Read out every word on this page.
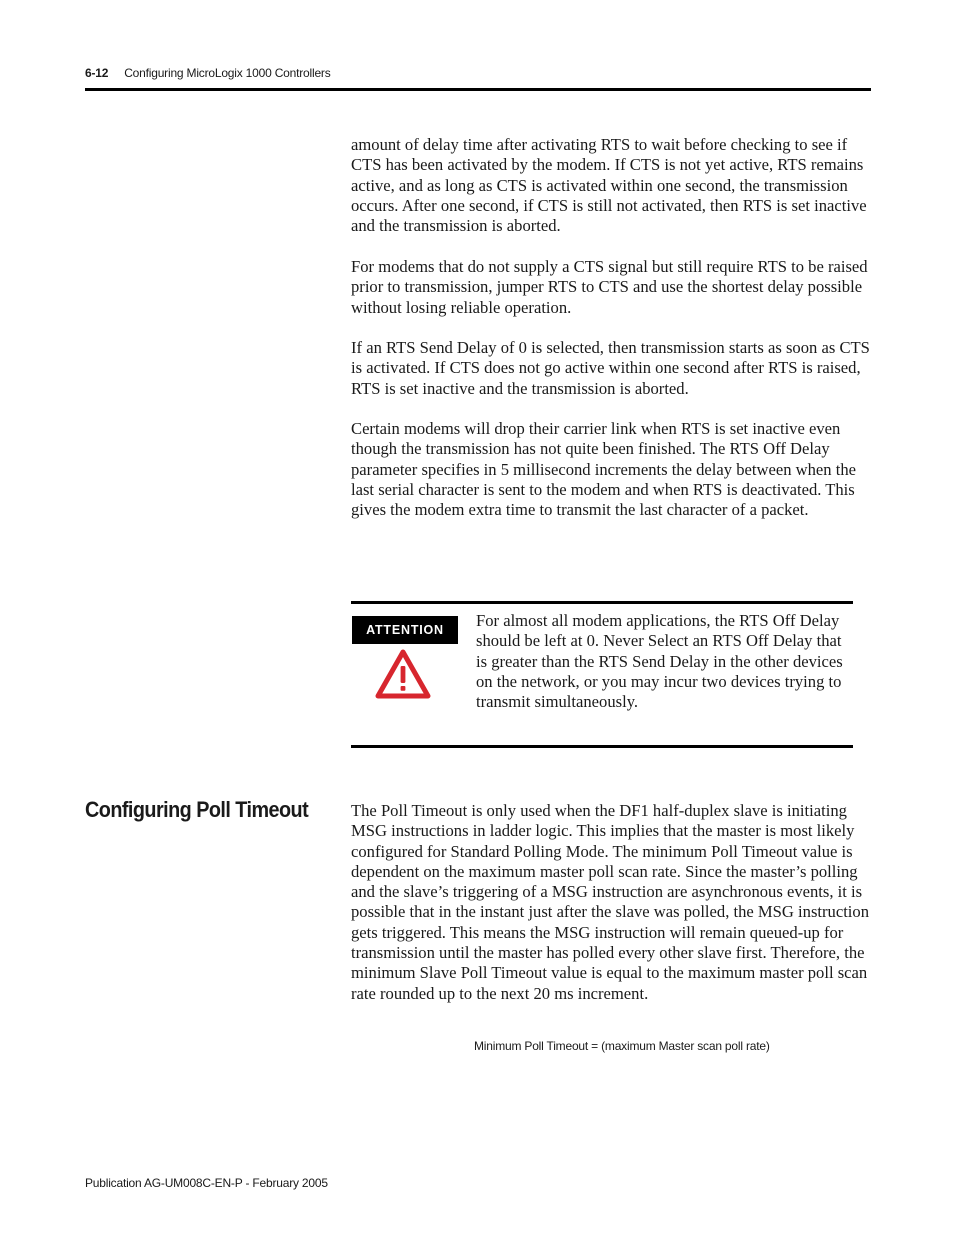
6-12 Configuring MicroLogix 1000 Controllers

amount of delay time after activating RTS to wait before checking to see if CTS has been activated by the modem. If CTS is not yet active, RTS remains active, and as long as CTS is activated within one second, the transmission occurs. After one second, if CTS is still not activated, then RTS is set inactive and the transmission is aborted.

For modems that do not supply a CTS signal but still require RTS to be raised prior to transmission, jumper RTS to CTS and use the shortest delay possible without losing reliable operation.

If an RTS Send Delay of 0 is selected, then transmission starts as soon as CTS is activated. If CTS does not go active within one second after RTS is raised, RTS is set inactive and the transmission is aborted.

Certain modems will drop their carrier link when RTS is set inactive even though the transmission has not quite been finished. The RTS Off Delay parameter specifies in 5 millisecond increments the delay between when the last serial character is sent to the modem and when RTS is deactivated. This gives the modem extra time to transmit the last character of a packet.

ATTENTION	For almost all modem applications, the RTS Off Delay should be left at 0. Never Select an RTS Off Delay that is greater than the RTS Send Delay in the other devices on the network, or you may incur two devices trying to transmit simultaneously.

Configuring Poll Timeout	The Poll Timeout is only used when the DF1 half-duplex slave is initiating MSG instructions in ladder logic. This implies that the master is most likely configured for Standard Polling Mode. The minimum Poll Timeout value is dependent on the maximum master poll scan rate. Since the master’s polling and the slave’s triggering of a MSG instruction are asynchronous events, it is possible that in the instant just after the slave was polled, the MSG instruction gets triggered. This means the MSG instruction will remain queued-up for transmission until the master has polled every other slave first. Therefore, the minimum Slave Poll Timeout value is equal to the maximum master poll scan rate rounded up to the next 20 ms increment.

Minimum Poll Timeout = (maximum Master scan poll rate)
Publication AG-UM008C-EN-P - February 2005
